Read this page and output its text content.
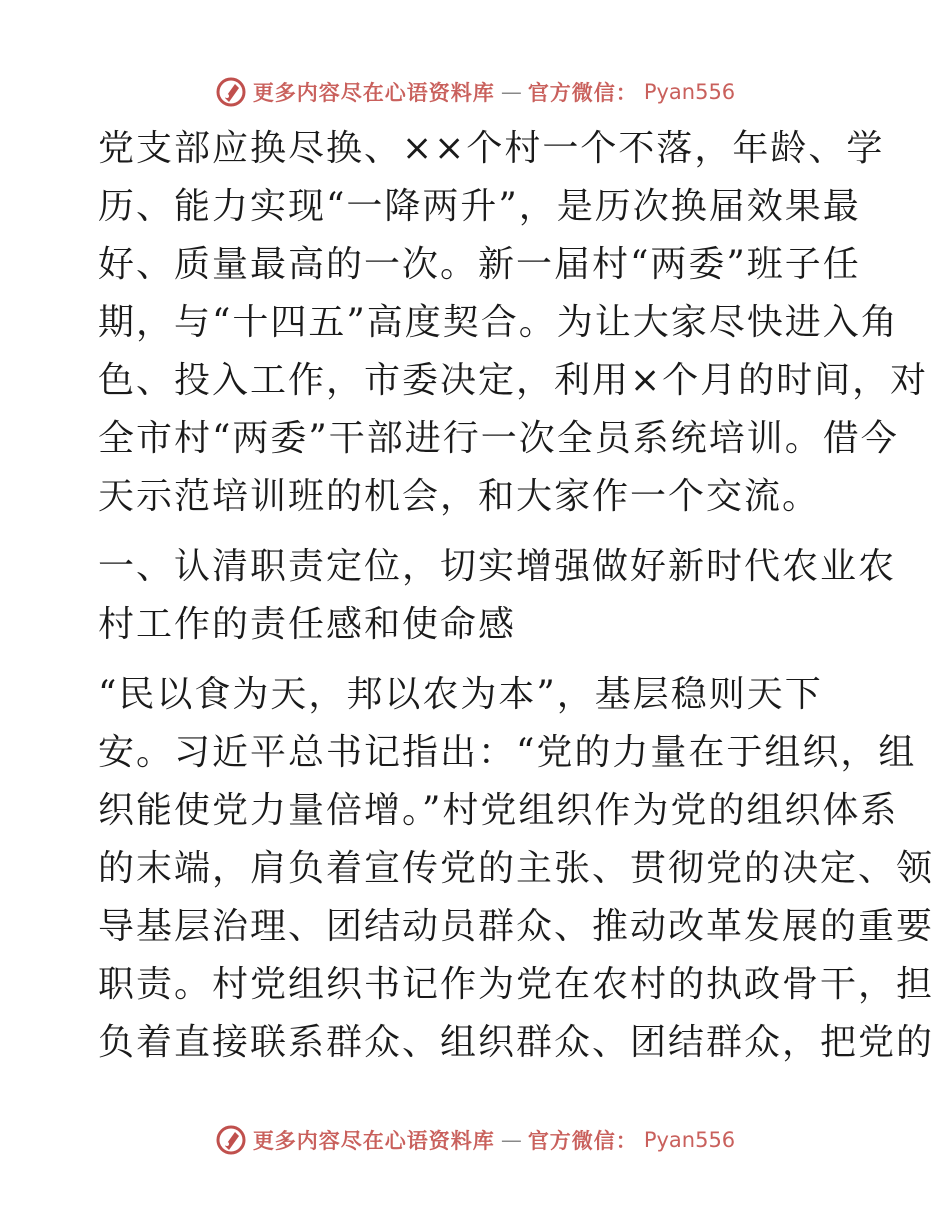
更多内容尽在心语资料库 — 官方微信： Pyan556
党支部应换尽换、××个村一个不落，年龄、学
历、能力实现“一降两升”，是历次换届效果最
好、质量最高的一次。新一届村“两委”班子任
期，与“十四五”高度契合。为让大家尽快进入角
色、投入工作，市委决定，利用×个月的时间，对
全市村“两委”干部进行一次全员系统培训。借今
天示范培训班的机会，和大家作一个交流。
一、认清职责定位，切实增强做好新时代农业农
村工作的责任感和使命感
“民以食为天，邦以农为本”，基层稳则天下
安。习近平总书记指出：“党的力量在于组织，组
织能使党力量倍增。”村党组织作为党的组织体系
的末端，肩负着宣传党的主张、贯彻党的决定、领
导基层治理、团结动员群众、推动改革发展的重要
职责。村党组织书记作为党在农村的执政骨干，担
负着直接联系群众、组织群众、团结群众，把党的
更多内容尽在心语资料库 — 官方微信： Pyan556
